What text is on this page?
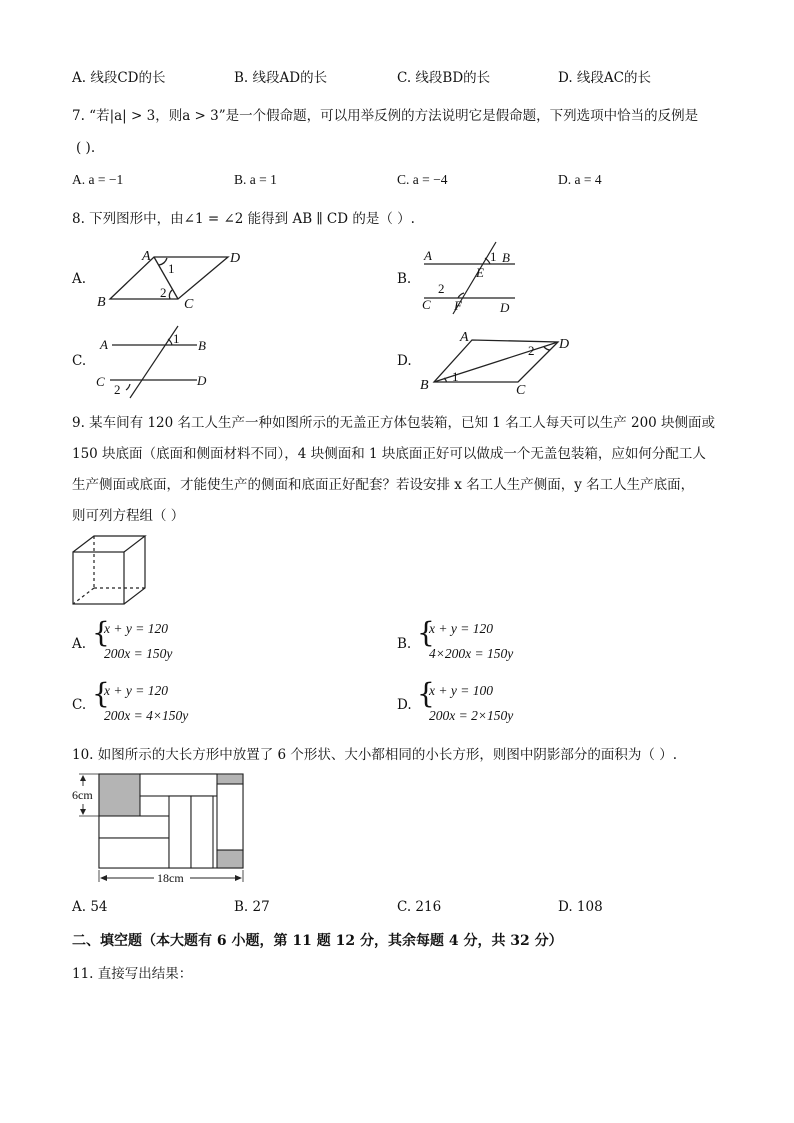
A. 线段CD的长	B. 线段AD的长	C. 线段BD的长	D. 线段AC的长
7. “若|a| > 3，则a > 3”是一个假命题，可以用举反例的方法说明它是假命题，下列选项中恰当的反例是
( ).
A. a = −1	B. a = 1	C. a = −4	D. a = 4
8. 下列图形中，由∠1 = ∠2 能得到 AB ∥ CD 的是（ ）.
A.	B.
C.	D.
A	D
B	C
1
2
A	B
E
C F	D
1
2
A	B
C	D
1
2
A	D
B	C
1
2
9. 某车间有 120 名工人生产一种如图所示的无盖正方体包装箱，已知 1 名工人每天可以生产 200 块侧面或
150 块底面（底面和侧面材料不同），4 块侧面和 1 块底面正好可以做成一个无盖包装箱，应如何分配工人
生产侧面或底面，才能使生产的侧面和底面正好配套？若设安排 x 名工人生产侧面，y 名工人生产底面，
则可列方程组（ ）
A. {
x + y = 120
200x = 150y
B. {
x + y = 120
4×200x = 150y
C. {
x + y = 120
200x = 4×150y
D. {
x + y = 100
200x = 2×150y
10. 如图所示的大长方形中放置了 6 个形状、大小都相同的小长方形，则图中阴影部分的面积为（ ）.
6cm
18cm
A. 54	B. 27	C. 216	D. 108
二、填空题（本大题有 6 小题，第 11 题 12 分，其余每题 4 分，共 32 分）
11. 直接写出结果：
